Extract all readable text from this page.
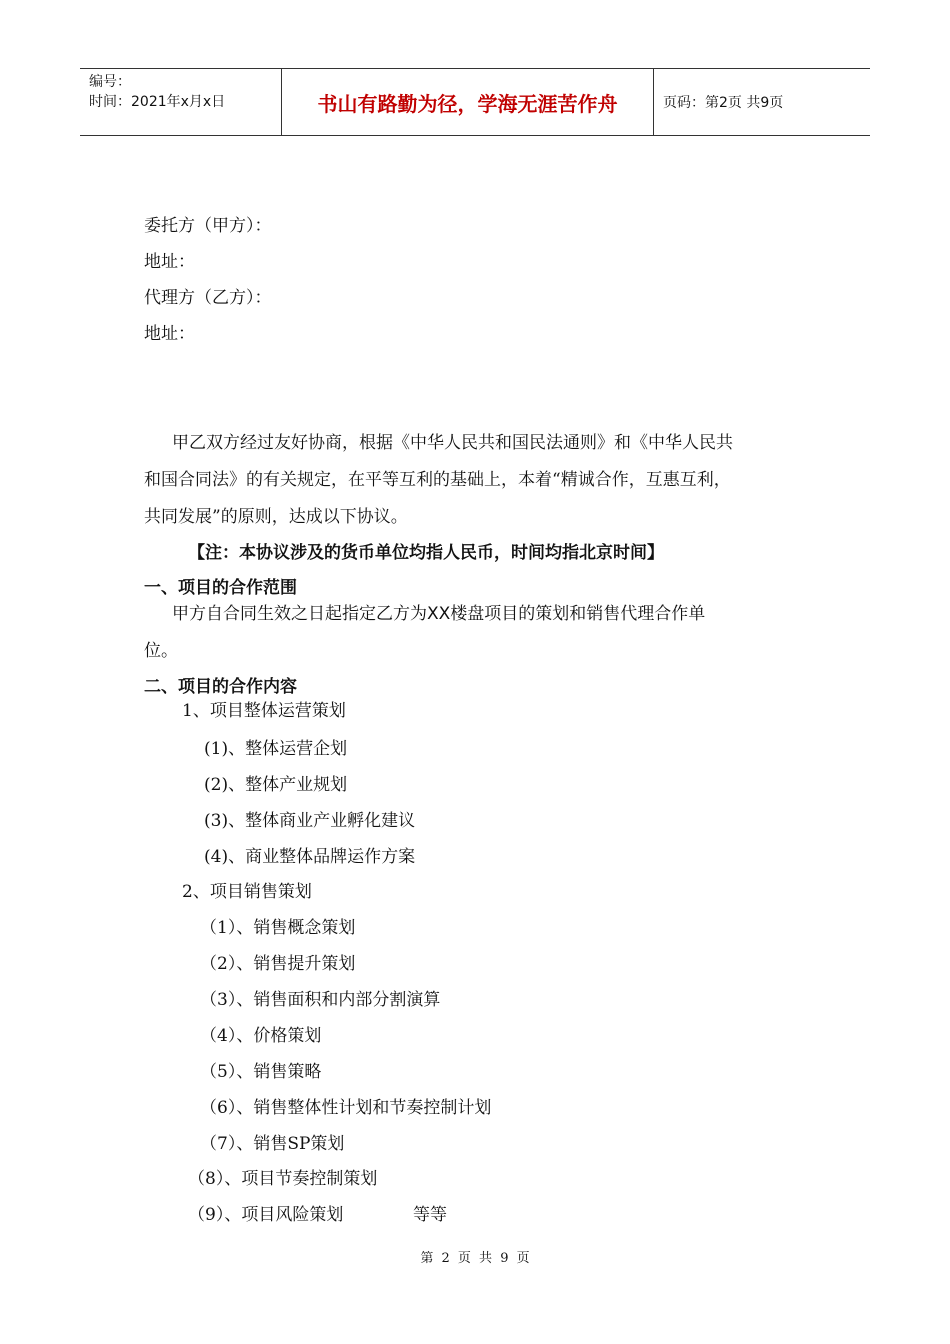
编号：
时间：2021年x月x日	书山有路勤为径，学海无涯苦作舟	页码：第2页 共9页
委托方（甲方）：
地址：
代理方（乙方）：
地址：
甲乙双方经过友好协商，根据《中华人民共和国民法通则》和《中华人民共
和国合同法》的有关规定，在平等互利的基础上，本着“精诚合作，互惠互利，
共同发展”的原则，达成以下协议。
【注：本协议涉及的货币单位均指人民币，时间均指北京时间】
一、项目的合作范围
甲方自合同生效之日起指定乙方为XX楼盘项目的策划和销售代理合作单
位。
二、项目的合作内容
1、项目整体运营策划
(1)、整体运营企划
(2)、整体产业规划
(3)、整体商业产业孵化建议
(4)、商业整体品牌运作方案
2、项目销售策划
（1）、销售概念策划
（2）、销售提升策划
（3）、销售面积和内部分割演算
（4）、价格策划
（5）、销售策略
（6）、销售整体性计划和节奏控制计划
（7）、销售SP策划
（8）、项目节奏控制策划
（9）、项目风险策划	等等
第 2 页 共 9 页
